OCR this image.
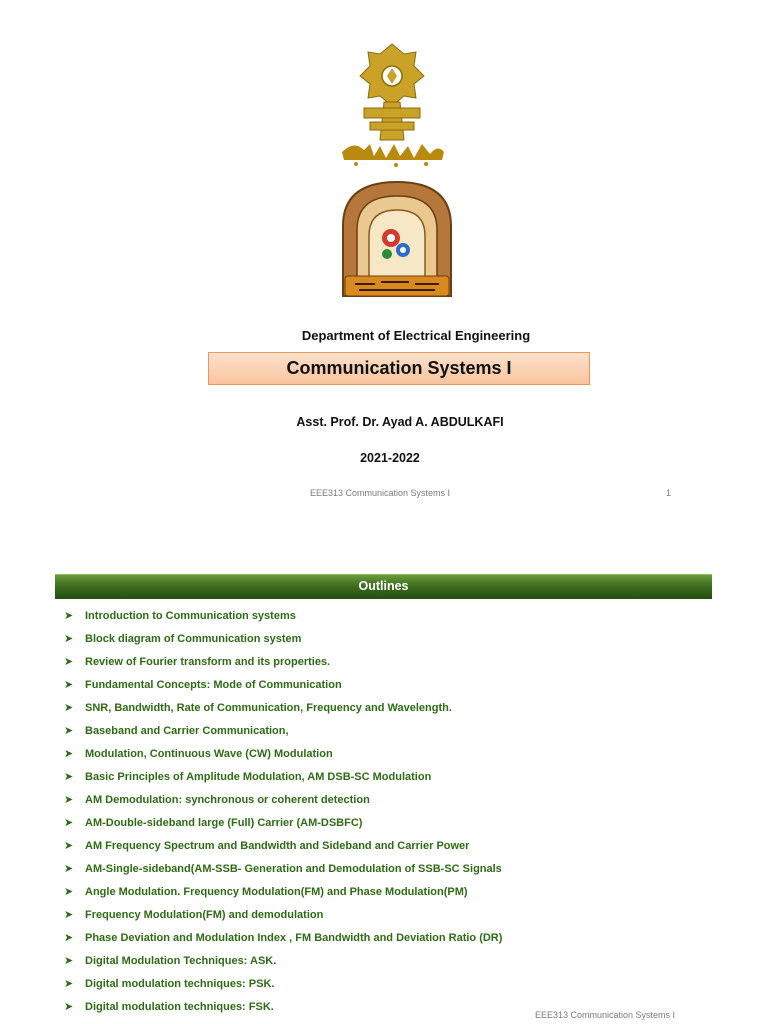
Department of Electrical Engineering
Communication Systems I
Asst. Prof. Dr. Ayad A. ABDULKAFI
2021-2022
EEE313 Communication Systems I	1
Outlines
➤	Introduction to Communication systems
➤	Block diagram of Communication system
➤	Review of Fourier transform and its properties.
➤	Fundamental Concepts: Mode of Communication
➤	SNR, Bandwidth, Rate of Communication, Frequency and Wavelength.
➤	Baseband and Carrier Communication,
➤	Modulation, Continuous Wave (CW) Modulation
➤	Basic Principles of Amplitude Modulation, AM DSB-SC Modulation
➤	AM Demodulation: synchronous or coherent detection
➤	AM-Double-sideband large (Full) Carrier (AM-DSBFC)
➤	AM Frequency Spectrum and Bandwidth and Sideband and Carrier Power
➤	AM-Single-sideband(AM-SSB- Generation and Demodulation of SSB-SC Signals
➤	Angle Modulation. Frequency Modulation(FM) and Phase Modulation(PM)
➤	Frequency Modulation(FM) and demodulation
➤	Phase Deviation and Modulation Index , FM Bandwidth and Deviation Ratio (DR)
➤	Digital Modulation Techniques: ASK.
➤	Digital modulation techniques: PSK.
➤	Digital modulation techniques: FSK.
EEE313 Communication Systems I
